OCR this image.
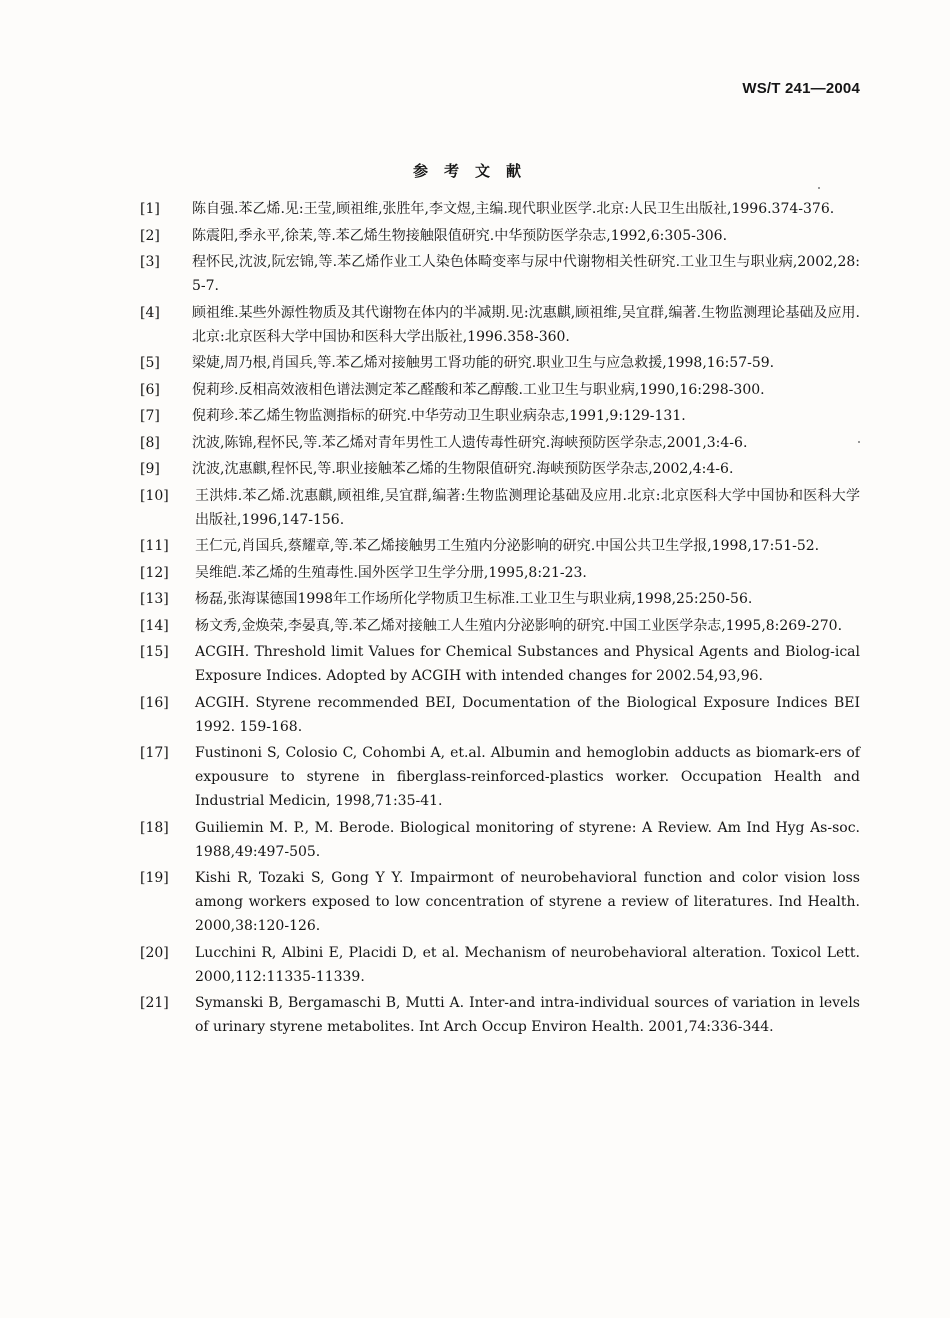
WS/T 241—2004
参考文献
[1]	陈自强.苯乙烯.见:王莹,顾祖维,张胜年,李文煜,主编.现代职业医学.北京:人民卫生出版社,1996.374-376.
[2]	陈震阳,季永平,徐茉,等.苯乙烯生物接触限值研究.中华预防医学杂志,1992,6:305-306.
[3]	程怀民,沈波,阮宏锦,等.苯乙烯作业工人染色体畸变率与尿中代谢物相关性研究.工业卫生与职业病,2002,28:5-7.
[4]	顾祖维.某些外源性物质及其代谢物在体内的半减期.见:沈惠麒,顾祖维,吴宜群,编著.生物监测理论基础及应用.北京:北京医科大学中国协和医科大学出版社,1996.358-360.
[5]	梁婕,周乃根,肖国兵,等.苯乙烯对接触男工肾功能的研究.职业卫生与应急救援,1998,16:57-59.
[6]	倪莉珍.反相高效液相色谱法测定苯乙醛酸和苯乙醇酸.工业卫生与职业病,1990,16:298-300.
[7]	倪莉珍.苯乙烯生物监测指标的研究.中华劳动卫生职业病杂志,1991,9:129-131.
[8]	沈波,陈锦,程怀民,等.苯乙烯对青年男性工人遗传毒性研究.海峡预防医学杂志,2001,3:4-6.
[9]	沈波,沈惠麒,程怀民,等.职业接触苯乙烯的生物限值研究.海峡预防医学杂志,2002,4:4-6.
[10]	王洪炜.苯乙烯.沈惠麒,顾祖维,吴宜群,编著:生物监测理论基础及应用.北京:北京医科大学中国协和医科大学出版社,1996,147-156.
[11]	王仁元,肖国兵,蔡耀章,等.苯乙烯接触男工生殖内分泌影响的研究.中国公共卫生学报,1998,17:51-52.
[12]	吴维皑.苯乙烯的生殖毒性.国外医学卫生学分册,1995,8:21-23.
[13]	杨磊,张海谋德国1998年工作场所化学物质卫生标准.工业卫生与职业病,1998,25:250-56.
[14]	杨文秀,金焕荣,李晏真,等.苯乙烯对接触工人生殖内分泌影响的研究.中国工业医学杂志,1995,8:269-270.
[15]	ACGIH. Threshold limit Values for Chemical Substances and Physical Agents and Biolog-ical Exposure Indices. Adopted by ACGIH with intended changes for 2002.54,93,96.
[16]	ACGIH. Styrene recommended BEI, Documentation of the Biological Exposure Indices BEI 1992. 159-168.
[17]	Fustinoni S, Colosio C, Cohombi A, et.al. Albumin and hemoglobin adducts as biomark-ers of expousure to styrene in fiberglass-reinforced-plastics worker. Occupation Health and Industrial Medicin, 1998,71:35-41.
[18]	Guiliemin M. P., M. Berode. Biological monitoring of styrene: A Review. Am Ind Hyg As-soc. 1988,49:497-505.
[19]	Kishi R, Tozaki S, Gong Y Y. Impairmont of neurobehavioral function and color vision loss among workers exposed to low concentration of styrene a review of literatures. Ind Health. 2000,38:120-126.
[20]	Lucchini R, Albini E, Placidi D, et al. Mechanism of neurobehavioral alteration. Toxicol Lett. 2000,112:11335-11339.
[21]	Symanski B, Bergamaschi B, Mutti A. Inter-and intra-individual sources of variation in levels of urinary styrene metabolites. Int Arch Occup Environ Health. 2001,74:336-344.
​
